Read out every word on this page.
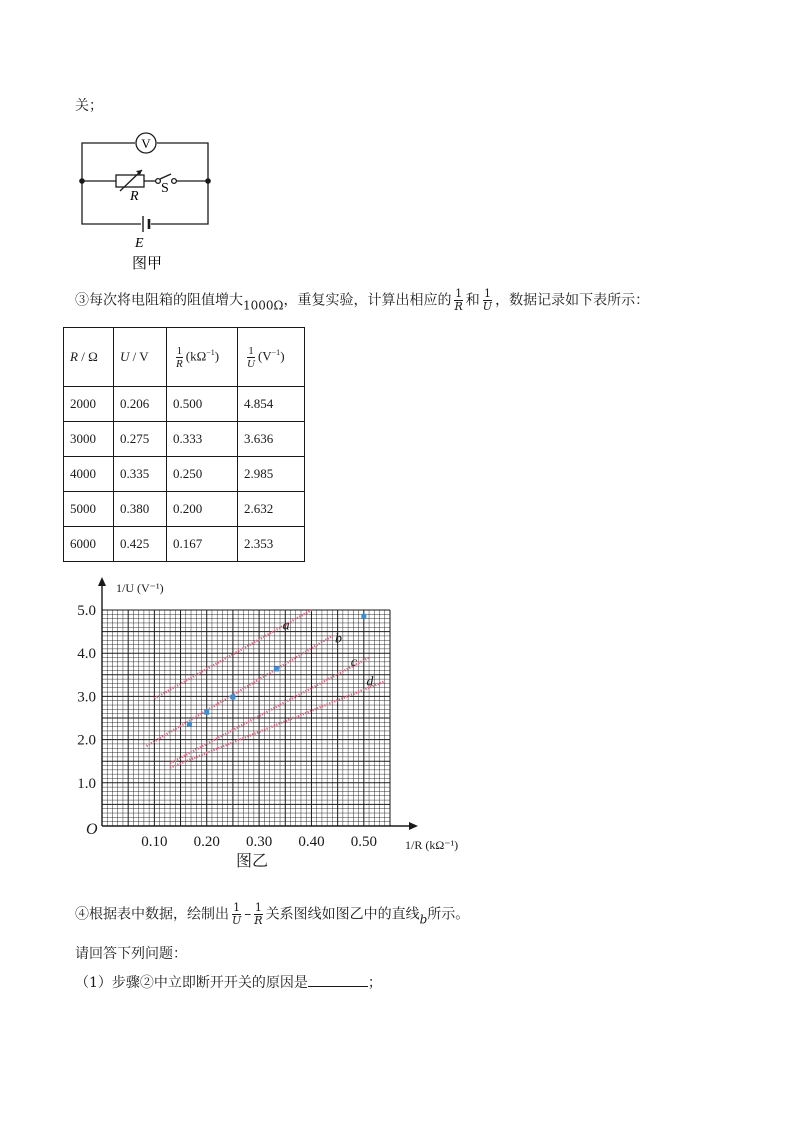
关；
V
R
S
E
图甲
③每次将电阻箱的阻值增大1000Ω，重复实验，计算出相应的 $\frac{1}{R}$ 和 $\frac{1}{U}$ ，数据记录如下表所示：
R / Ω	U / V	$\frac{1}{R} (k\Omega^{-1})$	$\frac{1}{U} (V^{-1})$
2000	0.206	0.500	4.854
3000	0.275	0.333	3.636
4000	0.335	0.250	2.985
5000	0.380	0.200	2.632
6000	0.425	0.167	2.353
a
b
c
d
1.0
2.0
3.0
4.0
5.0
0.10 0.20 0.30 0.40 0.50
O
1/U (V⁻¹)
1/R (kΩ⁻¹)
图乙
④根据表中数据，绘制出 $\frac{1}{U} - \frac{1}{R}$ 关系图线如图乙中的直线b所示。
请回答下列问题：
（1）步骤②中立即断开开关的原因是	；
